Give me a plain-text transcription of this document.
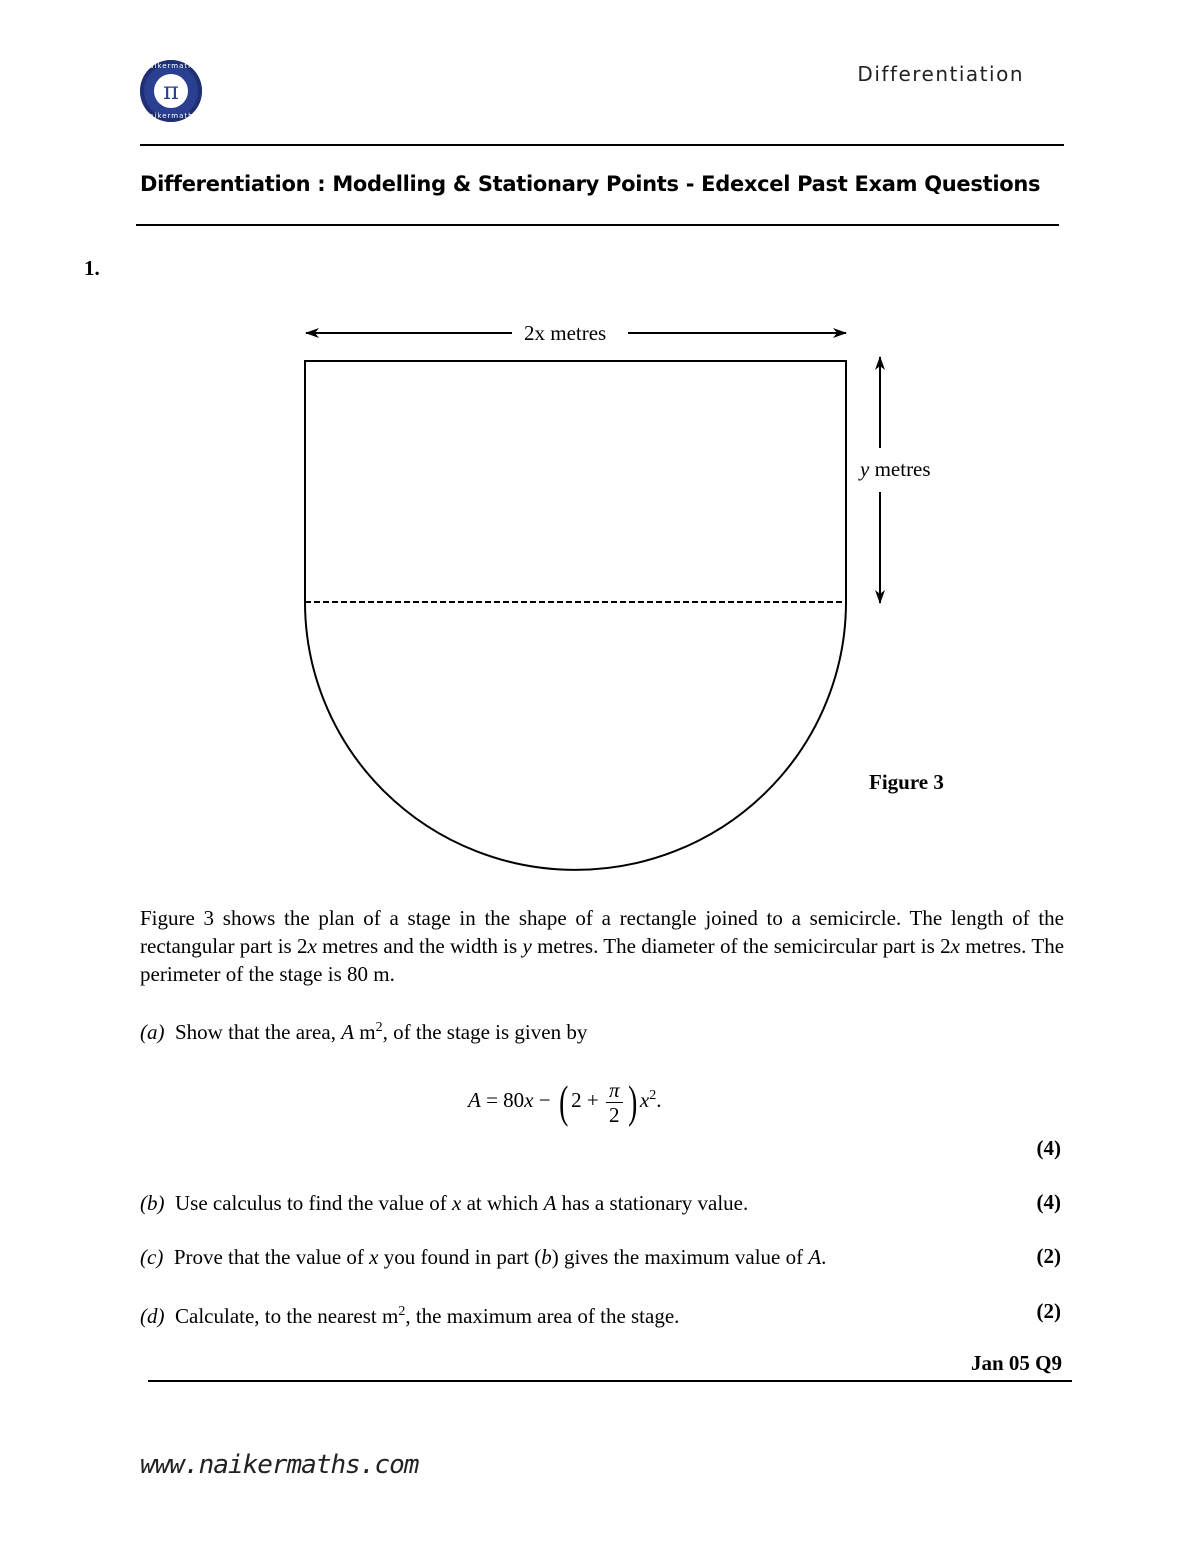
naikermaths
π
naikermaths
Differentiation
Differentiation : Modelling & Stationary Points - Edexcel Past Exam Questions
1.
2x metres
y metres
Figure 3
Figure 3 shows the plan of a stage in the shape of a rectangle joined to a semicircle. The length of the rectangular part is 2x metres and the width is y metres. The diameter of the semicircular part is 2x metres. The perimeter of the stage is 80 m.
(a) Show that the area, A $m^2$, of the stage is given by
A = 80x − ( $2 + \frac{\pi}{2}$ ) $x^2$.
(4)
(b) Use calculus to find the value of x at which A has a stationary value.	(4)
(c) Prove that the value of x you found in part (b) gives the maximum value of A.	(2)
(d) Calculate, to the nearest $m^2$, the maximum area of the stage.	(2)
Jan 05 Q9
www.naikermaths.com
